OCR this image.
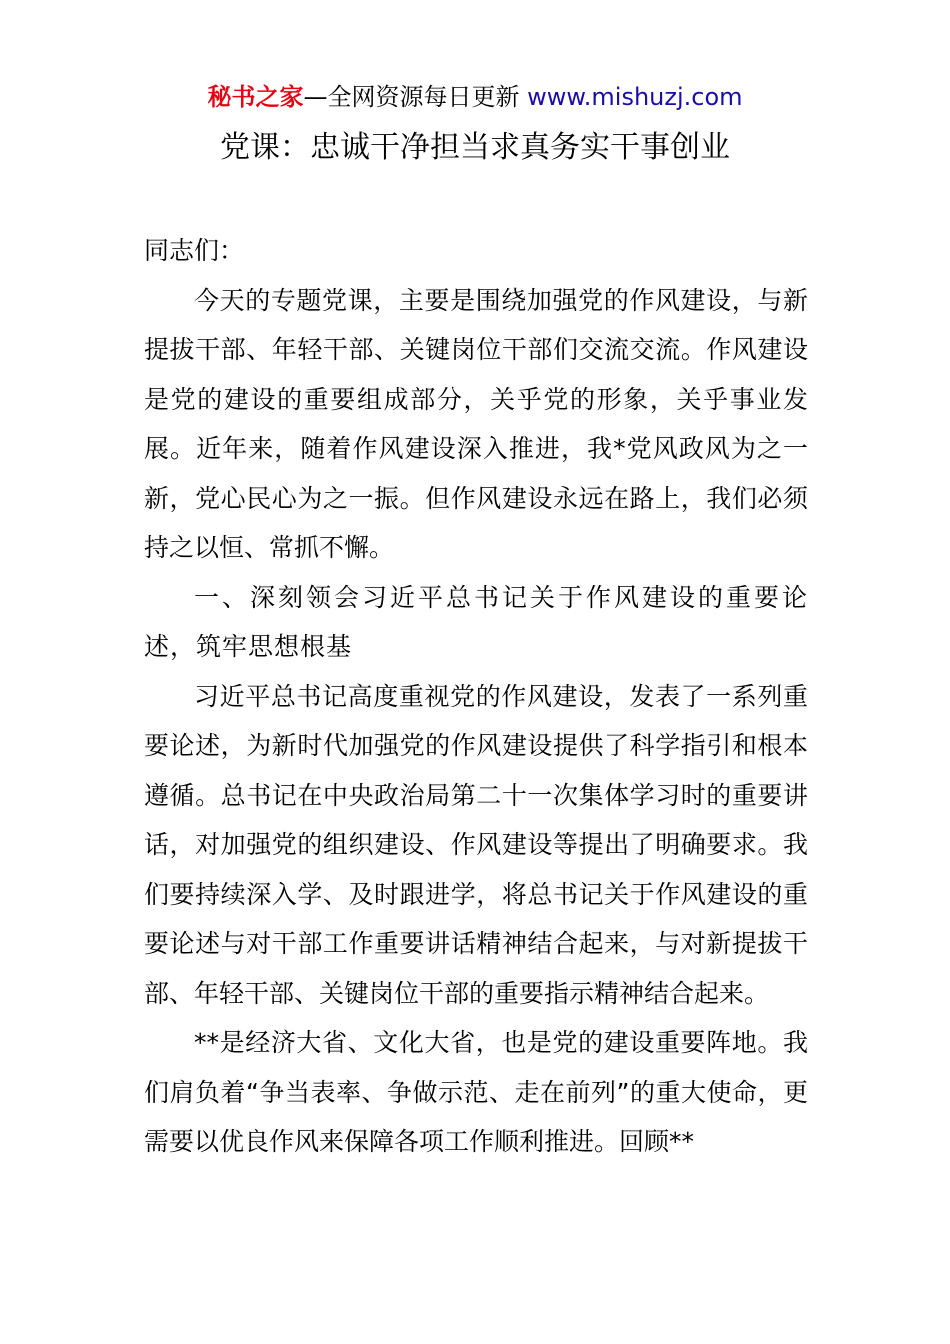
秘书之家—全网资源每日更新 www.mishuzj.com
党课：忠诚干净担当求真务实干事创业

同志们：

今天的专题党课，主要是围绕加强党的作风建设，与新提拔干部、年轻干部、关键岗位干部们交流交流。作风建设是党的建设的重要组成部分，关乎党的形象，关乎事业发展。近年来，随着作风建设深入推进，我*党风政风为之一新，党心民心为之一振。但作风建设永远在路上，我们必须持之以恒、常抓不懈。

一、深刻领会习近平总书记关于作风建设的重要论述，筑牢思想根基

习近平总书记高度重视党的作风建设，发表了一系列重要论述，为新时代加强党的作风建设提供了科学指引和根本遵循。总书记在中央政治局第二十一次集体学习时的重要讲话，对加强党的组织建设、作风建设等提出了明确要求。我们要持续深入学、及时跟进学，将总书记关于作风建设的重要论述与对干部工作重要讲话精神结合起来，与对新提拔干部、年轻干部、关键岗位干部的重要指示精神结合起来。

**是经济大省、文化大省，也是党的建设重要阵地。我们肩负着“争当表率、争做示范、走在前列”的重大使命，更需要以优良作风来保障各项工作顺利推进。回顾**
